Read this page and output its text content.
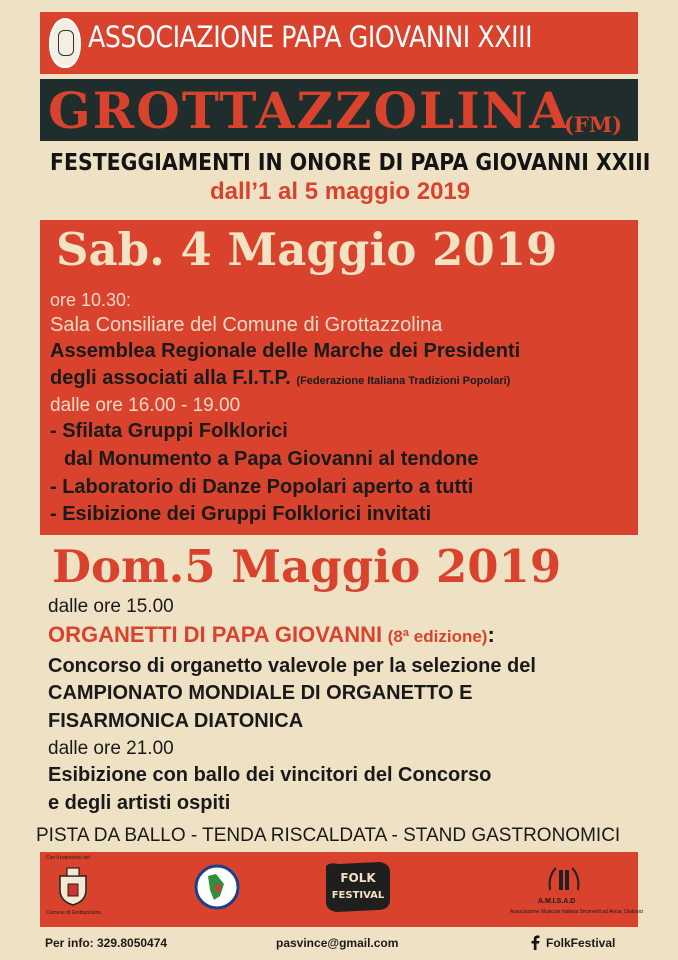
ASSOCIAZIONE PAPA GIOVANNI XXIII
GROTTAZZOLINA
(FM)
FESTEGGIAMENTI IN ONORE DI PAPA GIOVANNI XXIII
dall’1 al 5 maggio 2019
Sab. 4 Maggio 2019
ore 10.30:
Sala Consiliare del Comune di Grottazzolina
Assemblea Regionale delle Marche dei Presidenti
degli associati alla F.I.T.P. (Federazione Italiana Tradizioni Popolari)
dalle ore 16.00 - 19.00
- Sfilata Gruppi Folklorici
dal Monumento a Papa Giovanni al tendone
- Laboratorio di Danze Popolari aperto a tutti
- Esibizione dei Gruppi Folklorici invitati
Dom.5 Maggio 2019
dalle ore 15.00
ORGANETTI DI PAPA GIOVANNI (8ª edizione):
Concorso di organetto valevole per la selezione del
CAMPIONATO MONDIALE DI ORGANETTO E
FISARMONICA DIATONICA
dalle ore 21.00
Esibizione con ballo dei vincitori del Concorso
e degli artisti ospiti
PISTA DA BALLO - TENDA RISCALDATA - STAND GASTRONOMICI
Con il patrocinio del
Comune di Grottazzolina
FOLK
FESTIVAL
A.M.I.S.A.D
Associazione Musicale Italiana Strumenti ad Ancia, Diatonici
Per info: 329.8050474	pasvince@gmail.com	FolkFestival
